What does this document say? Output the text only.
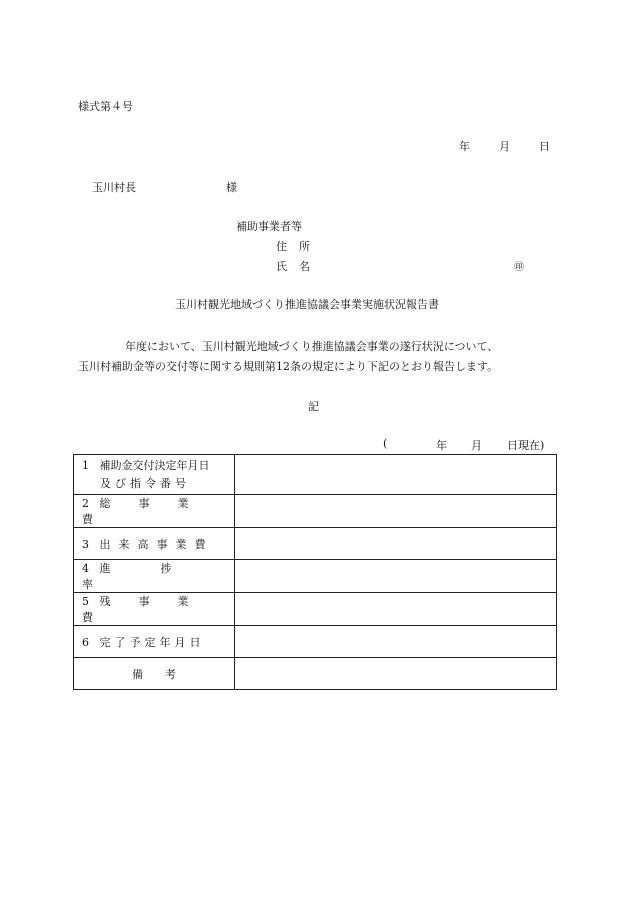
様式第４号
年	月	日
玉川村長	様
補助事業者等
住所
氏名	㊞
玉川村観光地域づくり推進協議会事業実施状況報告書
年度において、玉川村観光地域づくり推進協議会事業の遂行状況について、
玉川村補助金等の交付等に関する規則第12条の規定により下記のとおり報告します。
記
(	年 月 日現在)
1 補助金交付決定年月日
及び指令番号	

2 総事業費	
3 出来高事業費	
4 進捗率	
5 残事業費	
6 完了予定年月日	
備考	
